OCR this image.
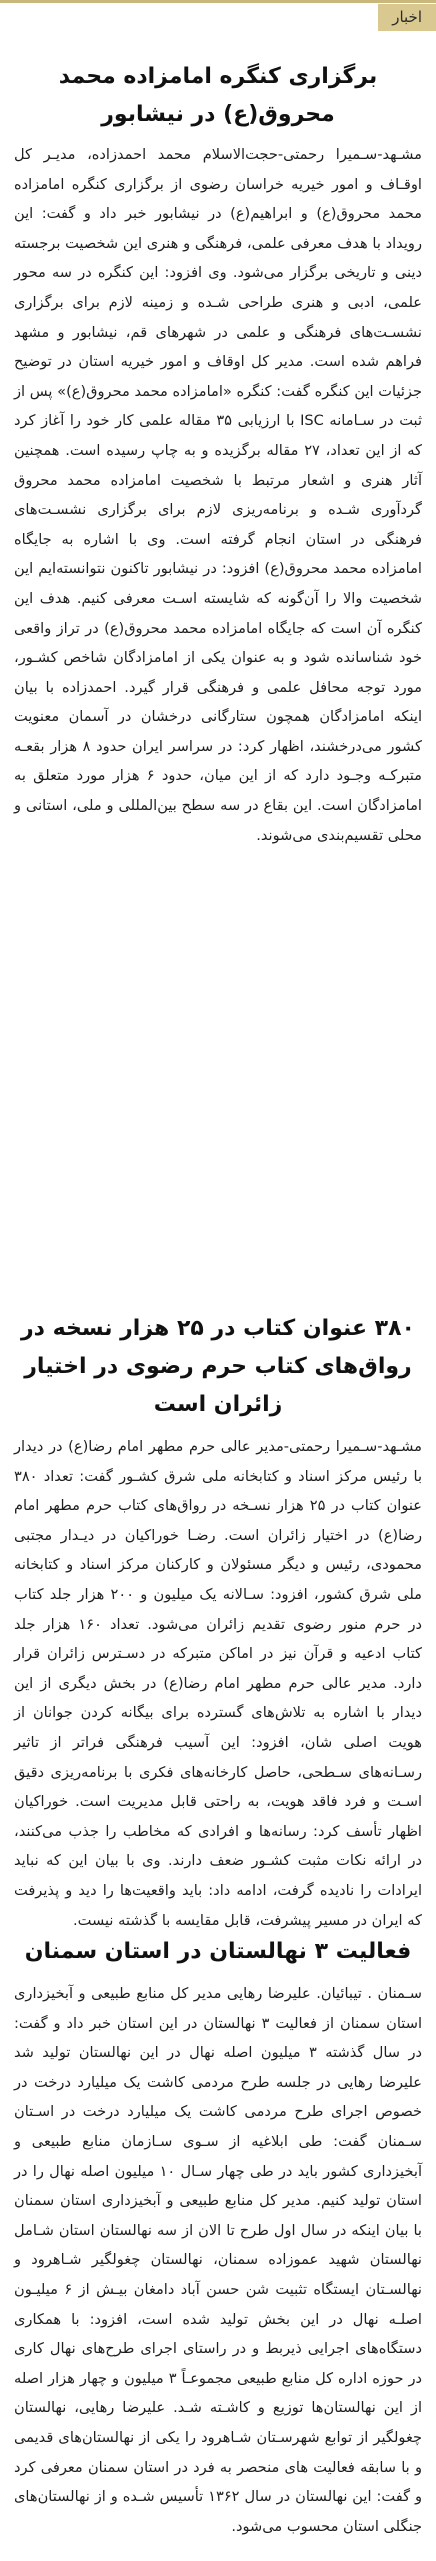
اخبار
برگزاری کنگره امامزاده محمد محروق(ع) در نیشابور

مشـهد-سـمیرا رحمتی-حجت‌الاسلام محمد احمدزاده، مدیـر کل اوقـاف و امور خیریه خراسان رضوی از برگزاری کنگره امامزاده محمد محروق(ع) و ابراهیم(ع) در نیشابور خبر داد و گفت: این رویداد با هدف معرفی علمی، فرهنگی و هنری این شخصیت برجسته دینی و تاریخی برگزار می‌شود. وی افزود: این کنگره در سه محور علمی، ادبی و هنری طراحی شـده و زمینه لازم برای برگزاری نشسـت‌های فرهنگی و علمی در شهرهای قم، نیشابور و مشهد فراهم شده است. مدیر کل اوقاف و امور خیریه استان در توضیح جزئیات این کنگره گفت: کنگره «امامزاده محمد محروق(ع)» پس از ثبت در سـامانه ISC با ارزیابی ۳۵ مقاله علمی کار خود را آغاز کرد که از این تعداد، ۲۷ مقاله برگزیده و به چاپ رسیده است. همچنین آثار هنری و اشعار مرتبط با شخصیت امامزاده محمد محروق گردآوری شـده و برنامه‌ریزی لازم برای برگزاری نشسـت‌های فرهنگی در استان انجام گرفته است. وی با اشاره به جایگاه امامزاده محمد محروق(ع) افزود: در نیشابور تاکنون نتوانسته‌ایم این شخصیت والا را آن‌گونه که شایسته اسـت معرفی کنیم. هدف این کنگره آن است که جایگاه امامزاده محمد محروق(ع) در تراز واقعی خود شناسانده شود و به عنوان یکی از امامزادگان شاخص کشـور، مورد توجه محافل علمی و فرهنگی قرار گیرد. احمدزاده با بیان اینکه امامزادگان همچون ستارگانی درخشان در آسمان معنویت کشور می‌درخشند، اظهار کرد: در سراسر ایران حدود ۸ هزار بقعـه متبرکـه وجـود دارد که از این میان، حدود ۶ هزار مورد متعلق به امامزادگان است. این بقاع در سه سطح بین‌المللی و ملی، استانی و محلی تقسیم‌بندی می‌شوند.

۳۸۰ عنوان کتاب در ۲۵ هزار نسخه در رواق‌های کتاب حرم رضوی در اختیار زائران است

مشـهد-سـمیرا رحمتی-مدیر عالی حرم مطهر امام رضا(ع) در دیدار با رئیس مرکز اسناد و کتابخانه ملی شرق کشـور گفت: تعداد ۳۸۰ عنوان کتاب در ۲۵ هزار نسـخه در رواق‌های کتاب حرم مطهر امام رضا(ع) در اختیار زائران است. رضـا خوراکیان در دیـدار مجتبی محمودی، رئیس و دیگر مسئولان و کارکنان مرکز اسناد و کتابخانه ملی شرق کشور، افزود: سـالانه یک میلیون و ۲۰۰ هزار جلد کتاب در حرم منور رضوی تقدیم زائران می‌شود. تعداد ۱۶۰ هزار جلد کتاب ادعیه و قرآن نیز در اماکن متبرکه در دسـترس زائران قرار دارد. مدیر عالی حرم مطهر امام رضا(ع) در بخش دیگری از این دیدار با اشاره به تلاش‌های گسترده برای بیگانه کردن جوانان از هویت اصلی شان، افزود: این آسیب فرهنگی فراتر از تاثیر رسـانه‌های سـطحی، حاصل کارخانه‌های فکری با برنامه‌ریزی دقیق اسـت و فرد فاقد هویت، به راحتی قابل مدیریت است. خوراکیان اظهار تأسف کرد: رسانه‌ها و افرادی که مخاطب را جذب می‌کنند، در ارائه نکات مثبت کشـور ضعف دارند. وی با بیان این که نباید ایرادات را نادیده گرفت، ادامه داد: باید واقعیت‌ها را دید و پذیرفت که ایران در مسیر پیشرفت، قابل مقایسه با گذشته نیست.

فعالیت ۳ نهالستان در استان سمنان

سـمنان . تیبائیان. علیرضا رهایی مدیر کل منابع طبیعی و آبخیزداری استان سمنان از فعالیت ۳ نهالستان در این استان خبر داد و گفت: در سال گذشته ۳ میلیون اصله نهال در این نهالستان تولید شد علیرضا رهایی در جلسه طرح مردمی کاشت یک میلیارد درخت در خصوص اجرای طرح مردمی کاشت یک میلیارد درخت در اسـتان سـمنان گفت: طی ابلاغیه از سـوی سـازمان منابع طبیعی و آبخیزداری کشور باید در طی چهار سـال ۱۰ میلیون اصله نهال را در استان تولید کنیم. مدیر کل منابع طبیعی و آبخیزداری استان سمنان با بیان اینکه در سال اول طرح تا الان از سه نهالستان استان شـامل نهالستان شهید عموزاده سمنان، نهالستان چغولگیر شـاهرود و نهالسـتان ایستگاه تثبیت شن حسن آباد دامغان بیـش از ۶ میلیـون اصلـه نهال در این بخش تولید شده است، افزود: با همکاری دستگاه‌های اجرایی ذیربط و در راستای اجرای طرح‌های نهال کاری در حوزه اداره کل منابع طبیعی مجموعـاً ۳ میلیون و چهار هزار اصله از این نهالستان‌ها توزیع و کاشـته شـد. علیرضا رهایی، نهالستان چغولگیر از توابع شهرسـتان شـاهرود را یکی از نهالستان‌های قدیمی و با سابقه فعالیت های منحصر به فرد در استان سمنان معرفی کرد و گفت: این نهالستان در سال ۱۳۶۲ تأسیس شـده و از نهالستان‌های جنگلی استان محسوب می‌شود.
